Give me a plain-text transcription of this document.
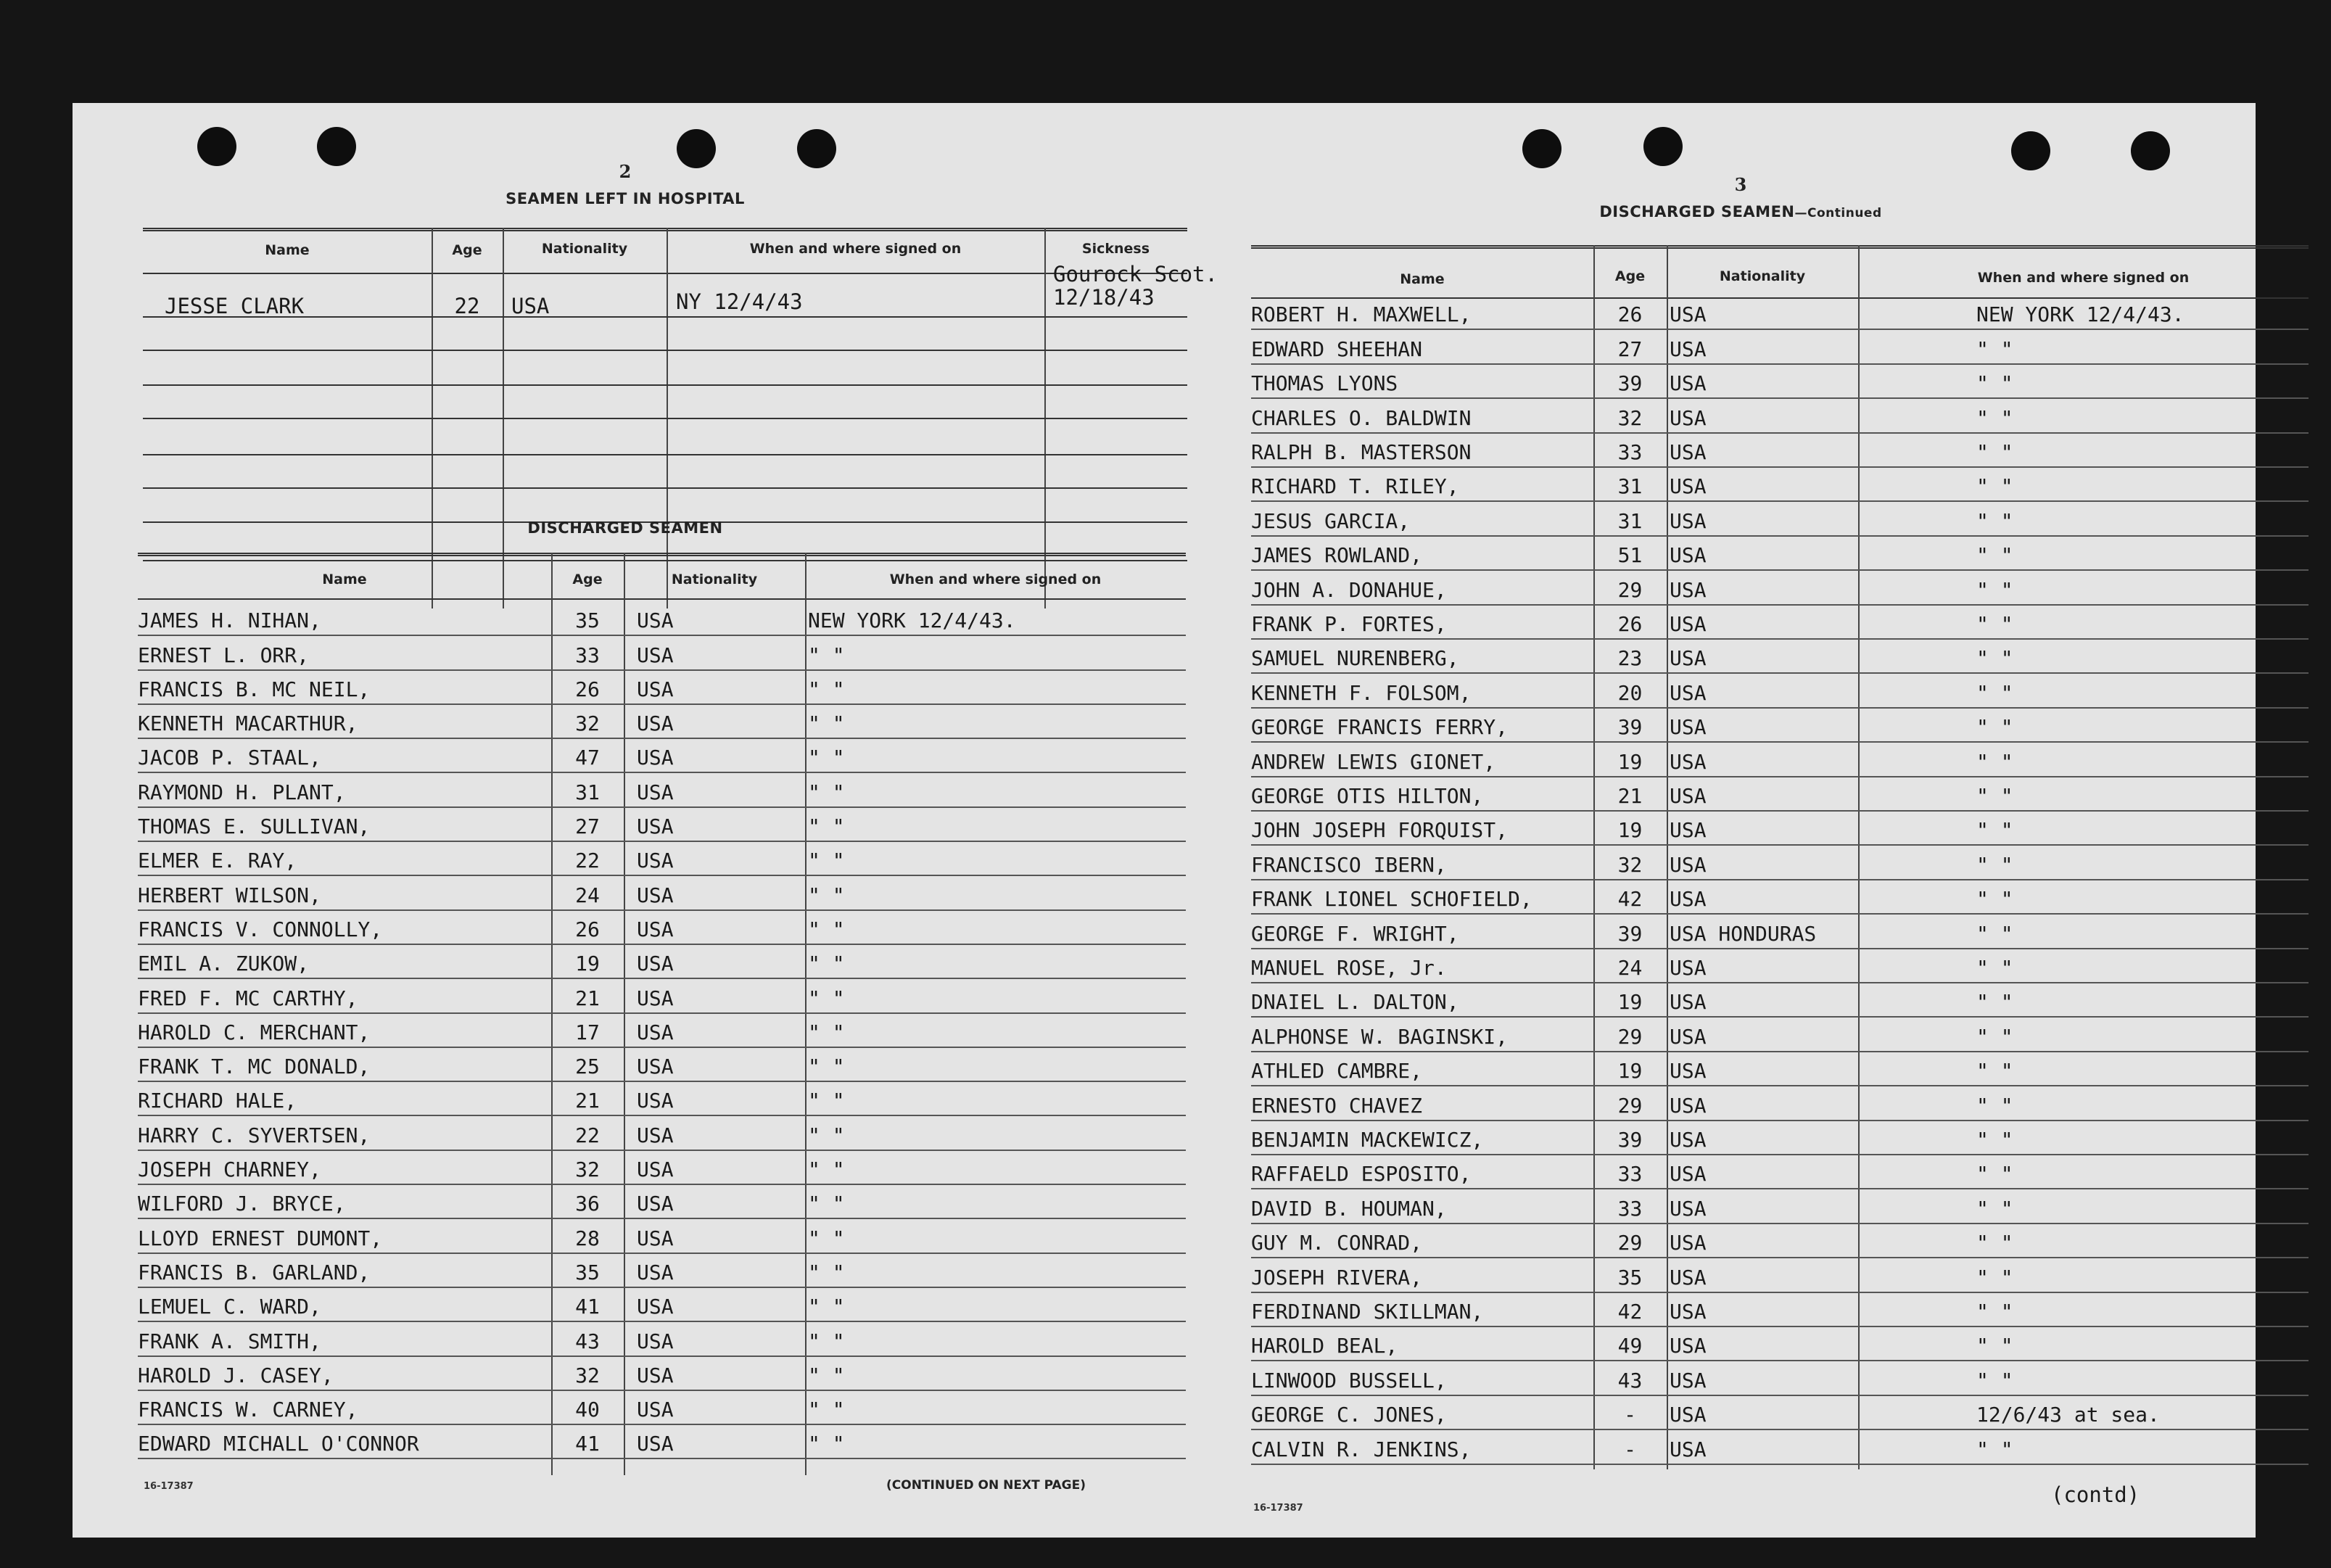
2
SEAMEN LEFT IN HOSPITAL
Name	Age	Nationality	When and where signed on	Sickness
JESSE CLARK	22	USA	NY 12/4/43
Gourock Scot.
12/18/43
DISCHARGED SEAMEN
Name	Age	Nationality	When and where signed on
JAMES H. NIHAN,	35	USA	NEW YORK 12/4/43.
ERNEST L. ORR,	33	USA	" "
FRANCIS B. MC NEIL,	26	USA	" "
KENNETH MACARTHUR,	32	USA	" "
JACOB P. STAAL,	47	USA	" "
RAYMOND H. PLANT,	31	USA	" "
THOMAS E. SULLIVAN,	27	USA	" "
ELMER E. RAY,	22	USA	" "
HERBERT WILSON,	24	USA	" "
FRANCIS V. CONNOLLY,	26	USA	" "
EMIL A. ZUKOW,	19	USA	" "
FRED F. MC CARTHY,	21	USA	" "
HAROLD C. MERCHANT,	17	USA	" "
FRANK T. MC DONALD,	25	USA	" "
RICHARD HALE,	21	USA	" "
HARRY C. SYVERTSEN,	22	USA	" "
JOSEPH CHARNEY,	32	USA	" "
WILFORD J. BRYCE,	36	USA	" "
LLOYD ERNEST DUMONT,	28	USA	" "
FRANCIS B. GARLAND,	35	USA	" "
LEMUEL C. WARD,	41	USA	" "
FRANK A. SMITH,	43	USA	" "
HAROLD J. CASEY,	32	USA	" "
FRANCIS W. CARNEY,	40	USA	" "
EDWARD MICHALL O'CONNOR	41	USA	" "
16-17387	(CONTINUED ON NEXT PAGE)
3
DISCHARGED SEAMEN—Continued
Name	Age	Nationality	When and where signed on
ROBERT H. MAXWELL,	26	USA	NEW YORK 12/4/43.
EDWARD SHEEHAN	27	USA	" "
THOMAS LYONS	39	USA	" "
CHARLES O. BALDWIN	32	USA	" "
RALPH B. MASTERSON	33	USA	" "
RICHARD T. RILEY,	31	USA	" "
JESUS GARCIA,	31	USA	" "
JAMES ROWLAND,	51	USA	" "
JOHN A. DONAHUE,	29	USA	" "
FRANK P. FORTES,	26	USA	" "
SAMUEL NURENBERG,	23	USA	" "
KENNETH F. FOLSOM,	20	USA	" "
GEORGE FRANCIS FERRY,	39	USA	" "
ANDREW LEWIS GIONET,	19	USA	" "
GEORGE OTIS HILTON,	21	USA	" "
JOHN JOSEPH FORQUIST,	19	USA	" "
FRANCISCO IBERN,	32	USA	" "
FRANK LIONEL SCHOFIELD,	42	USA	" "
GEORGE F. WRIGHT,	39	USA HONDURAS	" "
MANUEL ROSE, Jr.	24	USA	" "
DNAIEL L. DALTON,	19	USA	" "
ALPHONSE W. BAGINSKI,	29	USA	" "
ATHLED CAMBRE,	19	USA	" "
ERNESTO CHAVEZ	29	USA	" "
BENJAMIN MACKEWICZ,	39	USA	" "
RAFFAELD ESPOSITO,	33	USA	" "
DAVID B. HOUMAN,	33	USA	" "
GUY M. CONRAD,	29	USA	" "
JOSEPH RIVERA,	35	USA	" "
FERDINAND SKILLMAN,	42	USA	" "
HAROLD BEAL,	49	USA	" "
LINWOOD BUSSELL,	43	USA	" "
GEORGE C. JONES,	-	USA	12/6/43 at sea.
CALVIN R. JENKINS,	-	USA	" "
16-17387
(contd)
